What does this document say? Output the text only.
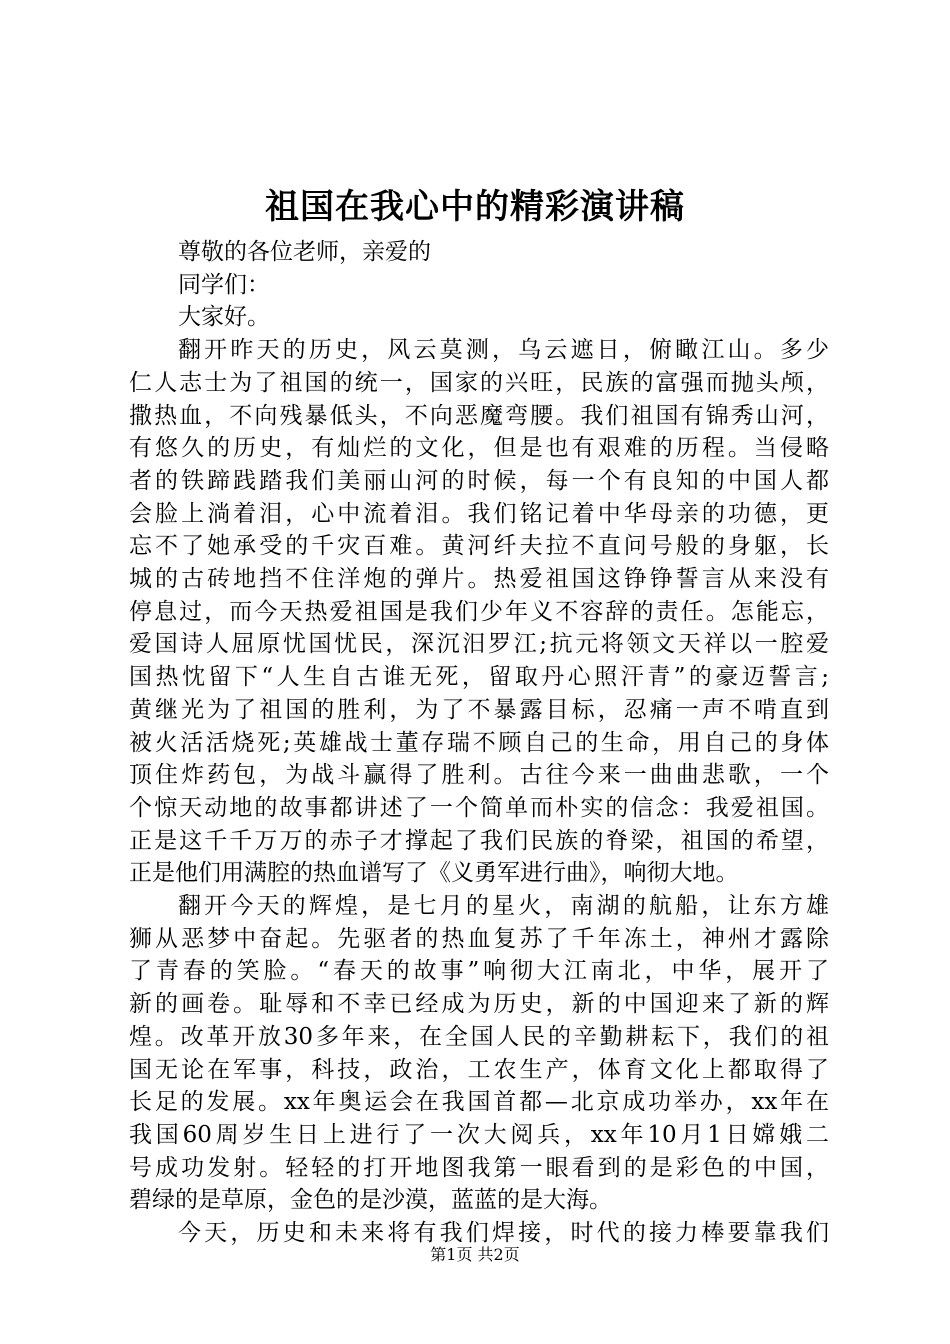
祖国在我心中的精彩演讲稿

尊敬的各位老师，亲爱的
同学们：
大家好。

翻开昨天的历史，风云莫测，乌云遮日，俯瞰江山。多少
仁人志士为了祖国的统一，国家的兴旺，民族的富强而抛头颅，
撒热血，不向残暴低头，不向恶魔弯腰。我们祖国有锦秀山河，
有悠久的历史，有灿烂的文化，但是也有艰难的历程。当侵略
者的铁蹄践踏我们美丽山河的时候，每一个有良知的中国人都
会脸上淌着泪，心中流着泪。我们铭记着中华母亲的功德，更
忘不了她承受的千灾百难。黄河纤夫拉不直问号般的身躯，长
城的古砖地挡不住洋炮的弹片。热爱祖国这铮铮誓言从来没有
停息过，而今天热爱祖国是我们少年义不容辞的责任。怎能忘，
爱国诗人屈原忧国忧民，深沉汨罗江;抗元将领文天祥以一腔爱
国热忱留下“人生自古谁无死，留取丹心照汗青”的豪迈誓言;
黄继光为了祖国的胜利，为了不暴露目标，忍痛一声不啃直到
被火活活烧死;英雄战士董存瑞不顾自己的生命，用自己的身体
顶住炸药包，为战斗赢得了胜利。古往今来一曲曲悲歌，一个
个惊天动地的故事都讲述了一个简单而朴实的信念：我爱祖国。
正是这千千万万的赤子才撑起了我们民族的脊梁，祖国的希望，
正是他们用满腔的热血谱写了《义勇军进行曲》，响彻大地。

翻开今天的辉煌，是七月的星火，南湖的航船，让东方雄
狮从恶梦中奋起。先驱者的热血复苏了千年冻土，神州才露除
了青春的笑脸。“春天的故事”响彻大江南北，中华，展开了
新的画卷。耻辱和不幸已经成为历史，新的中国迎来了新的辉
煌。改革开放30多年来，在全国人民的辛勤耕耘下，我们的祖
国无论在军事，科技，政治，工农生产，体育文化上都取得了
长足的发展。xx年奥运会在我国首都—北京成功举办，xx年在
我国60周岁生日上进行了一次大阅兵，xx年10月1日嫦娥二
号成功发射。轻轻的打开地图我第一眼看到的是彩色的中国，
碧绿的是草原，金色的是沙漠，蓝蓝的是大海。

今天，历史和未来将有我们焊接，时代的接力棒要靠我们

第1页 共2页
